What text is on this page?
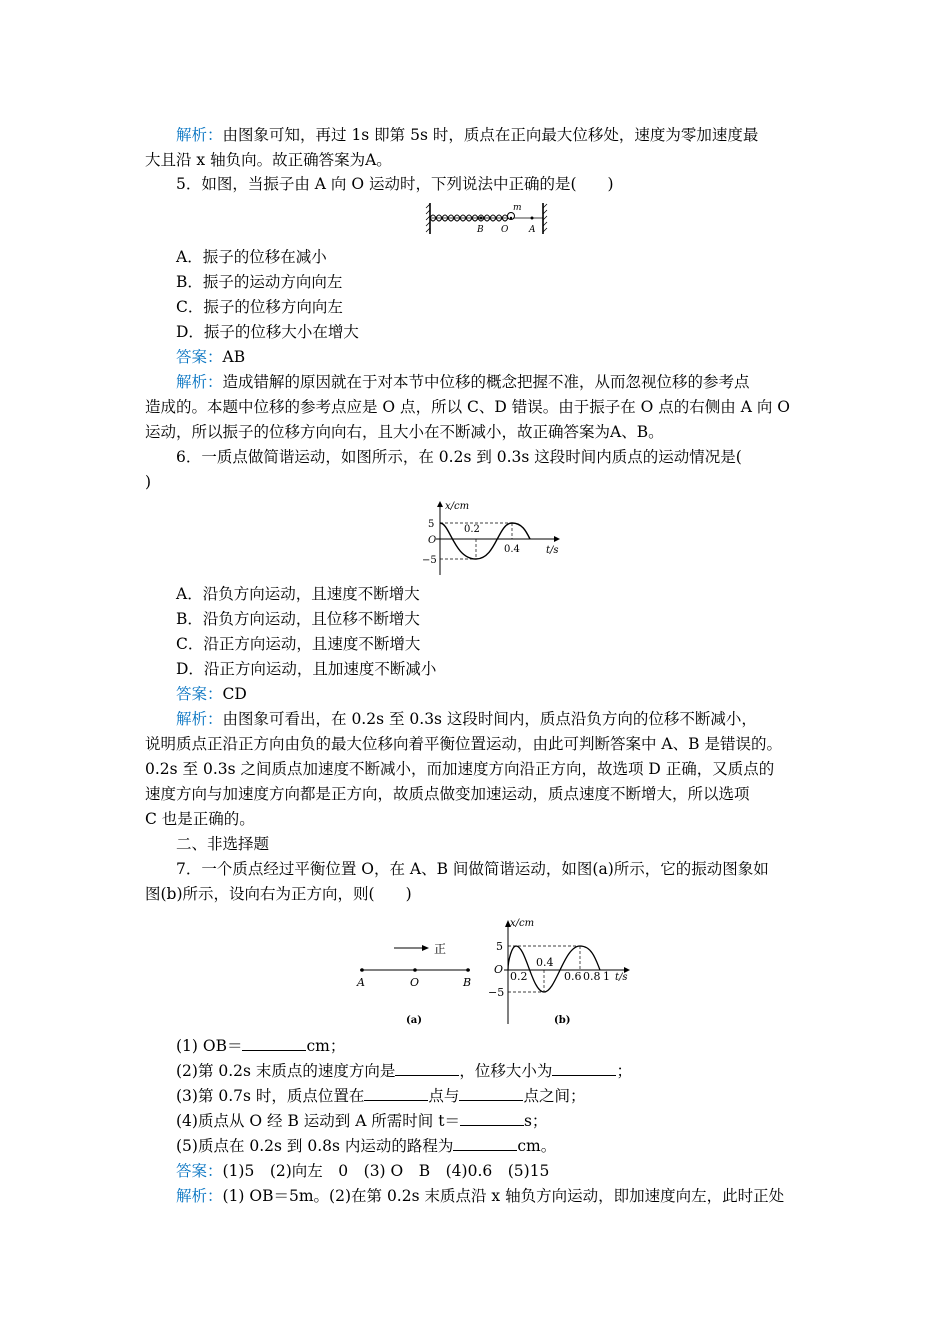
解析：由图象可知，再过 1s 即第 5s 时，质点在正向最大位移处，速度为零加速度最
大且沿 x 轴负向。故正确答案为A。
5．如图，当振子由 A 向 O 运动时，下列说法中正确的是(　　)
B O A
m
A．振子的位移在减小
B．振子的运动方向向左
C．振子的位移方向向左
D．振子的位移大小在增大
答案：AB
解析：造成错解的原因就在于对本节中位移的概念把握不准，从而忽视位移的参考点
造成的。本题中位移的参考点应是 O 点，所以 C、D 错误。由于振子在 O 点的右侧由 A 向 O
运动，所以振子的位移方向向右，且大小在不断减小，故正确答案为A、B。
6．一质点做简谐运动，如图所示，在 0.2s 到 0.3s 这段时间内质点的运动情况是(
)
x/cm
5
O
−5
0.2
0.4	t/s
A．沿负方向运动，且速度不断增大
B．沿负方向运动，且位移不断增大
C．沿正方向运动，且速度不断增大
D．沿正方向运动，且加速度不断减小
答案：CD
解析：由图象可看出，在 0.2s 至 0.3s 这段时间内，质点沿负方向的位移不断减小，
说明质点正沿正方向由负的最大位移向着平衡位置运动，由此可判断答案中 A、B 是错误的。
0.2s 至 0.3s 之间质点加速度不断减小，而加速度方向沿正方向，故选项 D 正确，又质点的
速度方向与加速度方向都是正方向，故质点做变加速运动，质点速度不断增大，所以选项
C 也是正确的。
二、非选择题
7．一个质点经过平衡位置 O，在 A、B 间做简谐运动，如图(a)所示，它的振动图象如
图(b)所示，设向右为正方向，则(　　)
正
A	O	B
(a)
x/cm
5
O
−5
0.2
0.4
0.6 0.8 1 t/s
(b)
(1) OB＝	cm；
(2)第 0.2s 末质点的速度方向是	，位移大小为	；
(3)第 0.7s 时，质点位置在	点与	点之间；
(4)质点从 O 经 B 运动到 A 所需时间 t＝	s；
(5)质点在 0.2s 到 0.8s 内运动的路程为	cm。
答案：(1)5　(2)向左　0　(3) O　B　(4)0.6　(5)15
解析：(1) OB＝5m。(2)在第 0.2s 末质点沿 x 轴负方向运动，即加速度向左，此时正处
